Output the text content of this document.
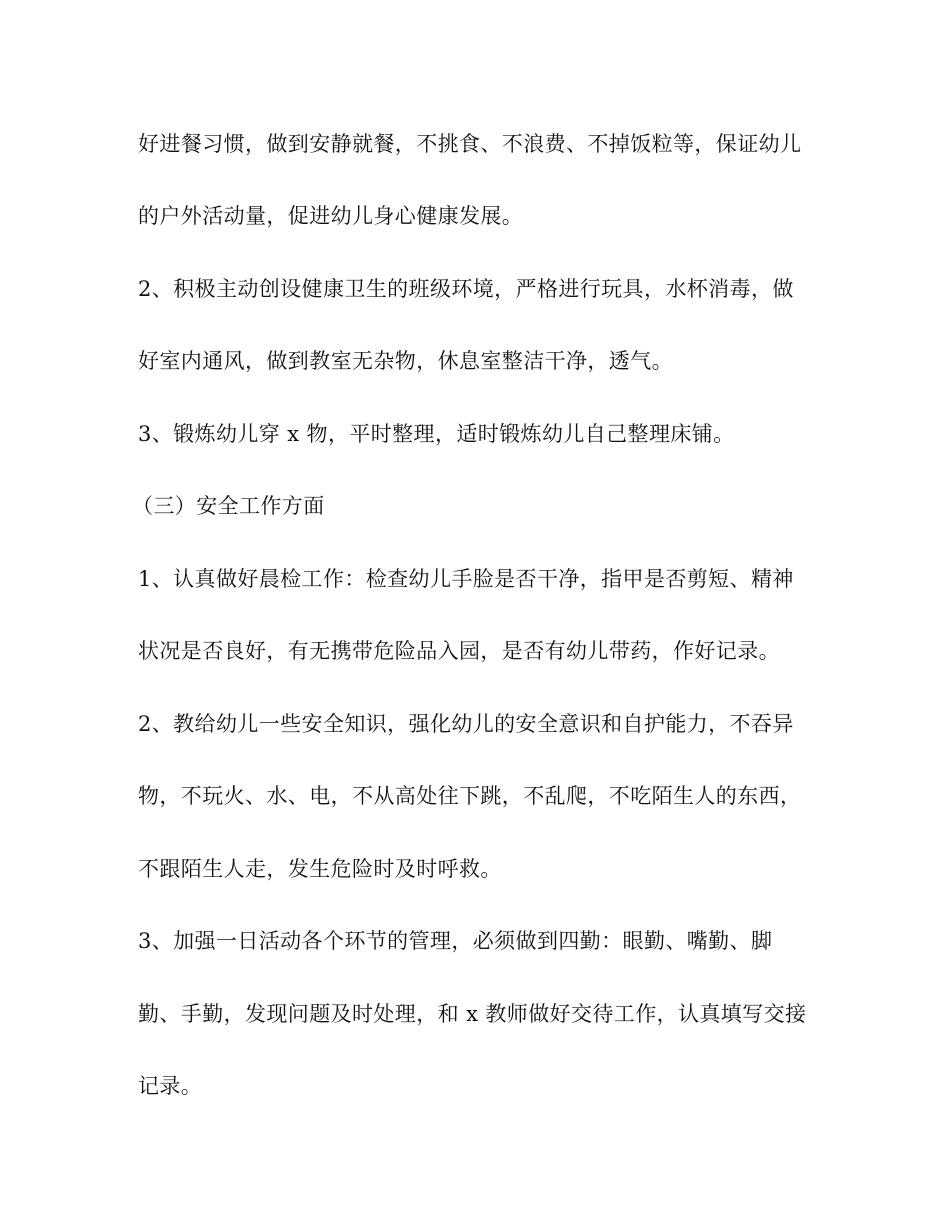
好进餐习惯，做到安静就餐，不挑食、不浪费、不掉饭粒等，保证幼儿

的户外活动量，促进幼儿身心健康发展。

2、积极主动创设健康卫生的班级环境，严格进行玩具，水杯消毒，做

好室内通风，做到教室无杂物，休息室整洁干净，透气。

3、锻炼幼儿穿 x 物，平时整理，适时锻炼幼儿自己整理床铺。

（三）安全工作方面

1、认真做好晨检工作：检查幼儿手脸是否干净，指甲是否剪短、精神

状况是否良好，有无携带危险品入园，是否有幼儿带药，作好记录。

2、教给幼儿一些安全知识，强化幼儿的安全意识和自护能力，不吞异

物，不玩火、水、电，不从高处往下跳，不乱爬，不吃陌生人的东西，

不跟陌生人走，发生危险时及时呼救。

3、加强一日活动各个环节的管理，必须做到四勤：眼勤、嘴勤、脚

勤、手勤，发现问题及时处理，和 x 教师做好交待工作，认真填写交接

记录。
